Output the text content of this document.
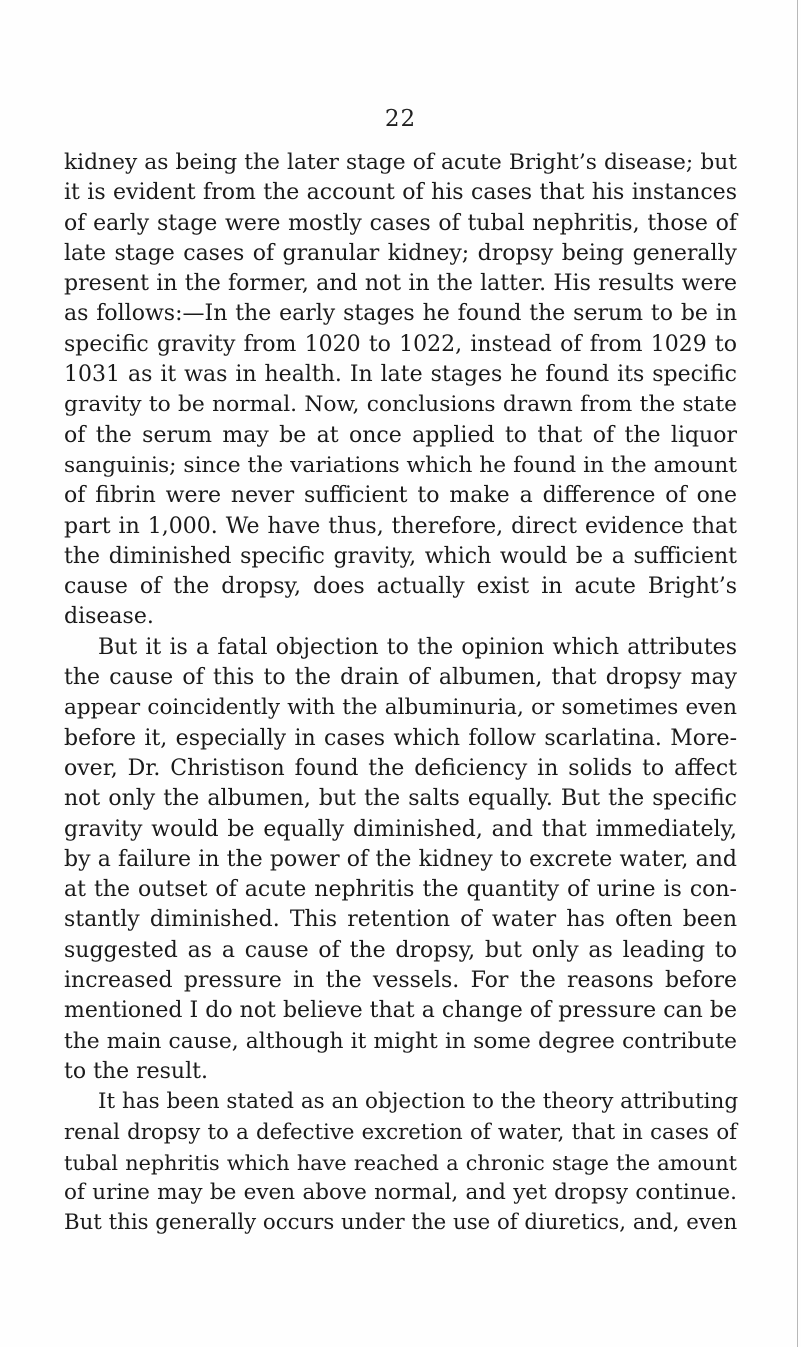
22
kidney as being the later stage of acute Bright’s disease; but
it is evident from the account of his cases that his instances
of early stage were mostly cases of tubal nephritis, those of
late stage cases of granular kidney; dropsy being generally
present in the former, and not in the latter. His results were
as follows:—In the early stages he found the serum to be in
specific gravity from 1020 to 1022, instead of from 1029 to
1031 as it was in health. In late stages he found its specific
gravity to be normal. Now, conclusions drawn from the state
of the serum may be at once applied to that of the liquor
sanguinis; since the variations which he found in the amount
of fibrin were never sufficient to make a difference of one
part in 1,000. We have thus, therefore, direct evidence that
the diminished specific gravity, which would be a sufficient
cause of the dropsy, does actually exist in acute Bright’s
disease.
But it is a fatal objection to the opinion which attributes
the cause of this to the drain of albumen, that dropsy may
appear coincidently with the albuminuria, or sometimes even
before it, especially in cases which follow scarlatina. More-
over, Dr. Christison found the deficiency in solids to affect
not only the albumen, but the salts equally. But the specific
gravity would be equally diminished, and that immediately,
by a failure in the power of the kidney to excrete water, and
at the outset of acute nephritis the quantity of urine is con-
stantly diminished. This retention of water has often been
suggested as a cause of the dropsy, but only as leading to
increased pressure in the vessels. For the reasons before
mentioned I do not believe that a change of pressure can be
the main cause, although it might in some degree contribute
to the result.
It has been stated as an objection to the theory attributing
renal dropsy to a defective excretion of water, that in cases of
tubal nephritis which have reached a chronic stage the amount
of urine may be even above normal, and yet dropsy continue.
But this generally occurs under the use of diuretics, and, even
